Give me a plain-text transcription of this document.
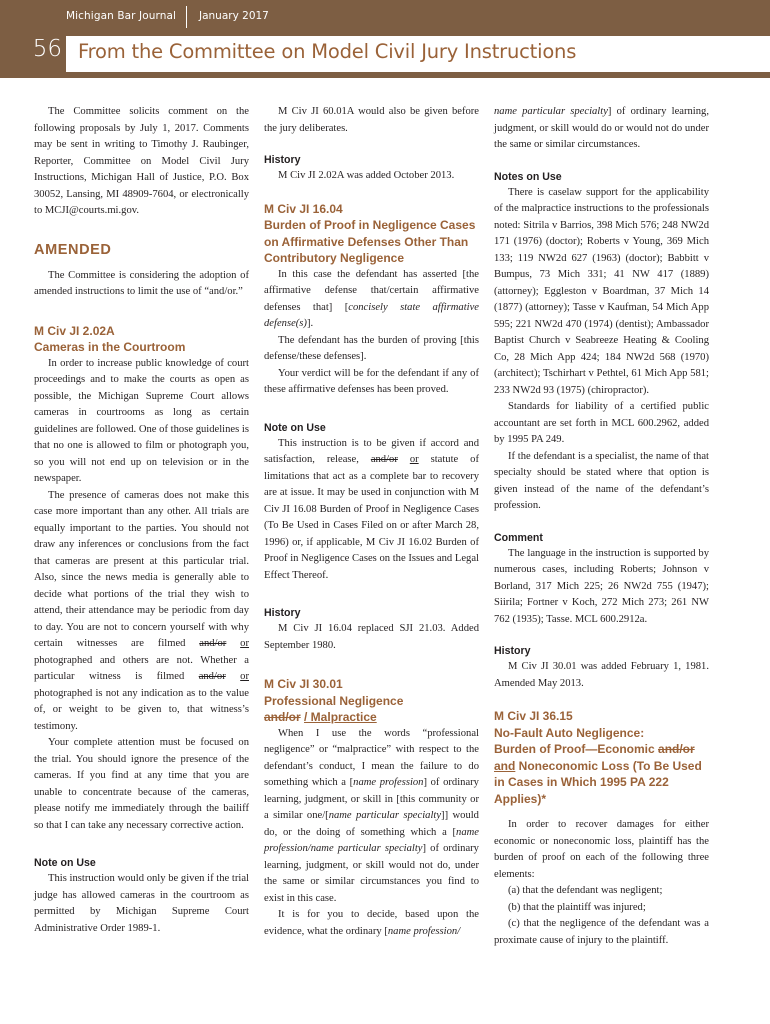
Michigan Bar Journal January 2017
56 From the Committee on Model Civil Jury Instructions

The Committee solicits comment on the following proposals by July 1, 2017. Comments may be sent in writing to Timothy J. Raubinger, Reporter, Committee on Model Civil Jury Instructions, Michigan Hall of Justice, P.O. Box 30052, Lansing, MI 48909-7604, or electronically to MCJI@courts.mi.gov.

AMENDED

The Committee is considering the adoption of amended instructions to limit the use of “and/or.”

M Civ JI 2.02A
Cameras in the Courtroom

In order to increase public knowledge of court proceedings and to make the courts as open as possible, the Michigan Supreme Court allows cameras in courtrooms as long as certain guidelines are followed. One of those guidelines is that no one is allowed to film or photograph you, so you will not end up on television or in the newspaper.

The presence of cameras does not make this case more important than any other. All trials are equally important to the parties. You should not draw any inferences or conclusions from the fact that cameras are present at this particular trial. Also, since the news media is generally able to decide what portions of the trial they wish to attend, their attendance may be periodic from day to day. You are not to concern yourself with why certain witnesses are filmed and/or or photographed and others are not. Whether a particular witness is filmed and/or or photographed is not any indication as to the value of, or weight to be given to, that witness’s testimony.

Your complete attention must be focused on the trial. You should ignore the presence of the cameras. If you find at any time that you are unable to concentrate because of the cameras, please notify me immediately through the bailiff so that I can take any necessary corrective action.

Note on Use

This instruction would only be given if the trial judge has allowed cameras in the courtroom as permitted by Michigan Supreme Court Administrative Order 1989-1.

M Civ JI 60.01A would also be given before the jury deliberates.

History

M Civ JI 2.02A was added October 2013.

M Civ JI 16.04
Burden of Proof in Negligence Cases
on Affirmative Defenses Other Than
Contributory Negligence

In this case the defendant has asserted [the affirmative defense that/certain affirmative defenses that] [concisely state affirmative defense(s)].

The defendant has the burden of proving [this defense/these defenses].

Your verdict will be for the defendant if any of these affirmative defenses has been proved.

Note on Use

This instruction is to be given if accord and satisfaction, release, and/or or statute of limitations that act as a complete bar to recovery are at issue. It may be used in conjunction with M Civ JI 16.08 Burden of Proof in Negligence Cases (To Be Used in Cases Filed on or after March 28, 1996) or, if applicable, M Civ JI 16.02 Burden of Proof in Negligence Cases on the Issues and Legal Effect Thereof.

History

M Civ JI 16.04 replaced SJI 21.03. Added September 1980.

M Civ JI 30.01
Professional Negligence
and/or / Malpractice

When I use the words “professional negligence” or “malpractice” with respect to the defendant’s conduct, I mean the failure to do something which a [name profession] of ordinary learning, judgment, or skill in [this community or a similar one/[name particular specialty]] would do, or the doing of something which a [name profession/name particular specialty] of ordinary learning, judgment, or skill would not do, under the same or similar circumstances you find to exist in this case.

It is for you to decide, based upon the evidence, what the ordinary [name profession/

name particular specialty] of ordinary learning, judgment, or skill would do or would not do under the same or similar circumstances.

Notes on Use

There is caselaw support for the applicability of the malpractice instructions to the professionals noted: Sitrila v Barrios, 398 Mich 576; 248 NW2d 171 (1976) (doctor); Roberts v Young, 369 Mich 133; 119 NW2d 627 (1963) (doctor); Babbitt v Bumpus, 73 Mich 331; 41 NW 417 (1889) (attorney); Eggleston v Boardman, 37 Mich 14 (1877) (attorney); Tasse v Kaufman, 54 Mich App 595; 221 NW2d 470 (1974) (dentist); Ambassador Baptist Church v Seabreeze Heating & Cooling Co, 28 Mich App 424; 184 NW2d 568 (1970) (architect); Tschirhart v Pethtel, 61 Mich App 581; 233 NW2d 93 (1975) (chiropractor).

Standards for liability of a certified public accountant are set forth in MCL 600.2962, added by 1995 PA 249.

If the defendant is a specialist, the name of that specialty should be stated where that option is given instead of the name of the defendant’s profession.

Comment

The language in the instruction is supported by numerous cases, including Roberts; Johnson v Borland, 317 Mich 225; 26 NW2d 755 (1947); Siirila; Fortner v Koch, 272 Mich 273; 261 NW 762 (1935); Tasse. MCL 600.2912a.

History

M Civ JI 30.01 was added February 1, 1981. Amended May 2013.

M Civ JI 36.15
No-Fault Auto Negligence:
Burden of Proof—Economic and/or
and Noneconomic Loss (To Be Used in Cases in Which 1995 PA 222 Applies)*

In order to recover damages for either economic or noneconomic loss, plaintiff has the burden of proof on each of the following three elements:

(a) that the defendant was negligent;

(b) that the plaintiff was injured;

(c) that the negligence of the defendant was a proximate cause of injury to the plaintiff.
